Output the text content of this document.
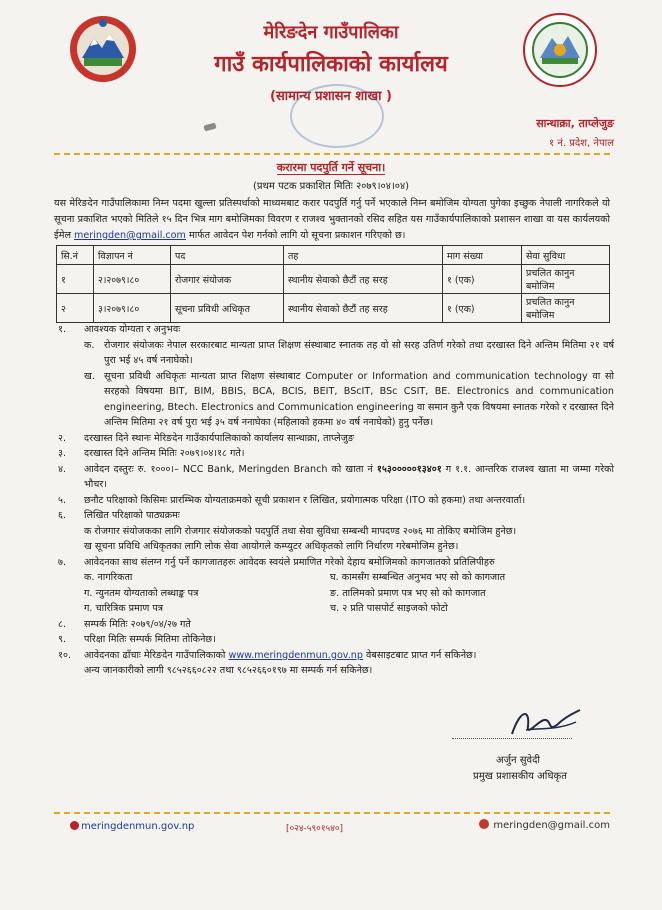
मेरिङदेन गाउँपालिका
गाउँ कार्यपालिकाको कार्यालय
(सामान्य प्रशासन शाखा )
सान्थाक्रा, ताप्लेजुङ
१ नं. प्रदेश, नेपाल
करारमा पदपुर्ति गर्ने सूचना।
(प्रथम पटक प्रकाशित मितिः २०७९।०४।०४)
यस मेरिङदेन गाउँपालिकामा निम्न पदमा खुल्ला प्रतिस्पर्धाको माध्यमबाट करार पदपुर्ति गर्नु पर्ने भएकाले निम्न बमोजिम योग्यता पुगेका इच्छुक नेपाली नागरिकले यो सूचना प्रकाशित भएको मितिले १५ दिन भित्र माग बमोजिमका विवरण र राजश्व भुक्तानको रसिद सहित यस गाउँकार्यपालिकाको प्रशासन शाखा वा यस कार्यलयको ईमेल meringden@gmail.com मार्फत आवेदन पेश गर्नको लागि यो सूचना प्रकाशन गरिएको छ।
सि.नं	विज्ञापन नं	पद	तह	माग संख्या	सेवा सुविधा
१	२।२०७९।८०	रोजगार संयोजक	स्थानीय सेवाको छैटौं तह सरह	१ (एक)	प्रचलित कानुन बमोजिम
२	३।२०७९।८०	सूचना प्रविधी अधिकृत	स्थानीय सेवाको छैटौं तह सरह	१ (एक)	प्रचलित कानुन बमोजिम
१.	आवश्यक योग्यता र अनुभवः
क. रोजगार संयोजकः नेपाल सरकारबाट मान्यता प्राप्त शिक्षण संस्थाबाट स्नातक तह वो सो सरह उतिर्ण गरेको तथा दरखास्त दिने अन्तिम मितिमा २१ वर्ष पुरा भई ४५ वर्ष ननाघेको।
ख. सूचना प्रविधी अधिकृतः मान्यता प्राप्त शिक्षण संस्थाबाट Computer or Information and communication technology वा सो सरहको विषयमा BIT, BIM, BBIS, BCA, BCIS, BEIT, BScIT, BSc CSIT, BE. Electronics and communication engineering, Btech. Electronics and Communication engineering वा समान कुनै एक विषयमा स्नातक गरेको र दरखास्त दिने अन्तिम मितिमा २१ वर्ष पुरा भई ३५ वर्ष ननाघेका (महिलाको हकमा ४० वर्ष ननाघेको) हुनु पर्नेछ।
२.	दरखास्त दिने स्थानः मेरिङदेन गाउँकार्यपालिकाको कार्यालय सान्थाक्रा, ताप्लेजुङ
३.	दरखास्त दिने अन्तिम मितिः २०७९।०४।१८ गते।
४.	आवेदन दस्तुरः रु. १०००।– NCC Bank, Meringden Branch को खाता नं १५३०००००१३४०१ ग १.१. आन्तरिक राजश्व खाता मा जम्मा गरेको भौचर।
५.	छनौट परिक्षाको किसिमः प्रारम्भिक योग्यताक्रमको सूची प्रकाशन र लिखित, प्रयोगात्मक परिक्षा (ITO को हकमा) तथा अन्तरवार्ता।
६.	लिखित परिक्षाको पाठ्यक्रमः
क रोजगार संयोजकका लागि रोजगार संयोजकको पदपुर्ति तथा सेवा सुविधा सम्बन्धी मापदण्ड २०७६ मा तोकिए बमोजिम हुनेछ।
ख सूचना प्रविधि अधिकृतका लागि लोक सेवा आयोगले कम्प्युटर अधिकृतको लागि निर्धारण गरेबमोजिम हुनेछ।
७.	आवेदनका साथ संलग्न गर्नु पर्ने कागजातहरुः आवेदक स्वयंले प्रमाणित गरेको देहाय बमोजिमको कागजातको प्रतिलिपीहरु
क. नागरिकता	घ. कामसँग सम्बन्धित अनुभव भए सो को कागजात
ग. न्युनतम योग्यताको लब्धाङ्क पत्र	ङ. तालिमको प्रमाण पत्र भए सो को कागजात
ग. चारित्रिक प्रमाण पत्र	च. २ प्रति पासपोर्ट साइजको फोटो
८.	सम्पर्क मितिः २०७९/०४/२७ गते
९.	परिक्षा मितिः सम्पर्क मितिमा तोकिनेछ।
१०.	आवेदनका ढाँचाः मेरिङदेन गाउँपालिकाको www.meringdenmun.gov.np वेबसाइटबाट प्राप्त गर्न सकिनेछ।
अन्य जानकारीको लागी ९८५२६६०८२२ तथा ९८५२६६०१९७ मा सम्पर्क गर्न सकिनेछ।
अर्जुन सुवेदी
प्रमुख प्रशासकीय अधिकृत
meringdenmun.gov.np	[०२४-५९०१५४०]	meringden@gmail.com
